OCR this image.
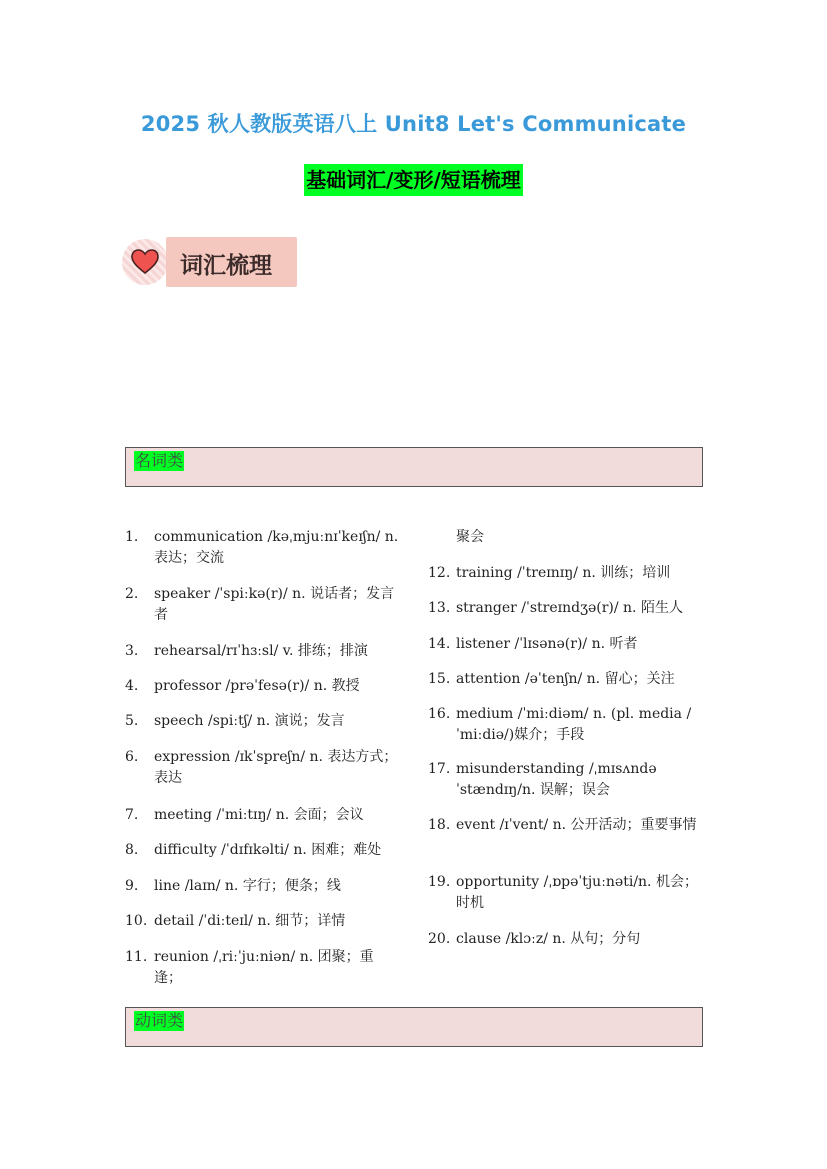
2025 秋人教版英语八上 Unit8 Let's Communicate
基础词汇/变形/短语梳理
词汇梳理
名词类
1. communication /kəˌmjuːnɪˈkeɪʃn/ n. 表达；交流
2. speaker /ˈspiːkə(r)/ n. 说话者；发言者
3. rehearsal/rɪˈhɜːsl/ v. 排练；排演
4. professor /prəˈfesə(r)/ n. 教授
5. speech /spiːtʃ/ n. 演说；发言
6. expression /ɪkˈspreʃn/ n. 表达方式；表达
7. meeting /ˈmiːtɪŋ/ n. 会面；会议
8. difficulty /ˈdɪfɪkəlti/ n. 困难；难处
9. line /laɪn/ n. 字行；便条；线
10. detail /ˈdiːteɪl/ n. 细节；详情
11. reunion /ˌriːˈjuːniən/ n. 团聚；重逢；
聚会
12. training /ˈtreɪnɪŋ/ n. 训练；培训
13. stranger /ˈstreɪndʒə(r)/ n. 陌生人
14. listener /ˈlɪsənə(r)/ n. 听者
15. attention /əˈtenʃn/ n. 留心；关注
16. medium /ˈmiːdiəm/ n. (pl. media /ˈmiːdiə/)媒介；手段
17. misunderstanding /ˌmɪsʌndəˈstændɪŋ/n. 误解；误会
18. event /ɪˈvent/ n. 公开活动；重要事情
19. opportunity /ˌɒpəˈtjuːnəti/n. 机会；时机
20. clause /klɔːz/ n. 从句；分句
动词类
